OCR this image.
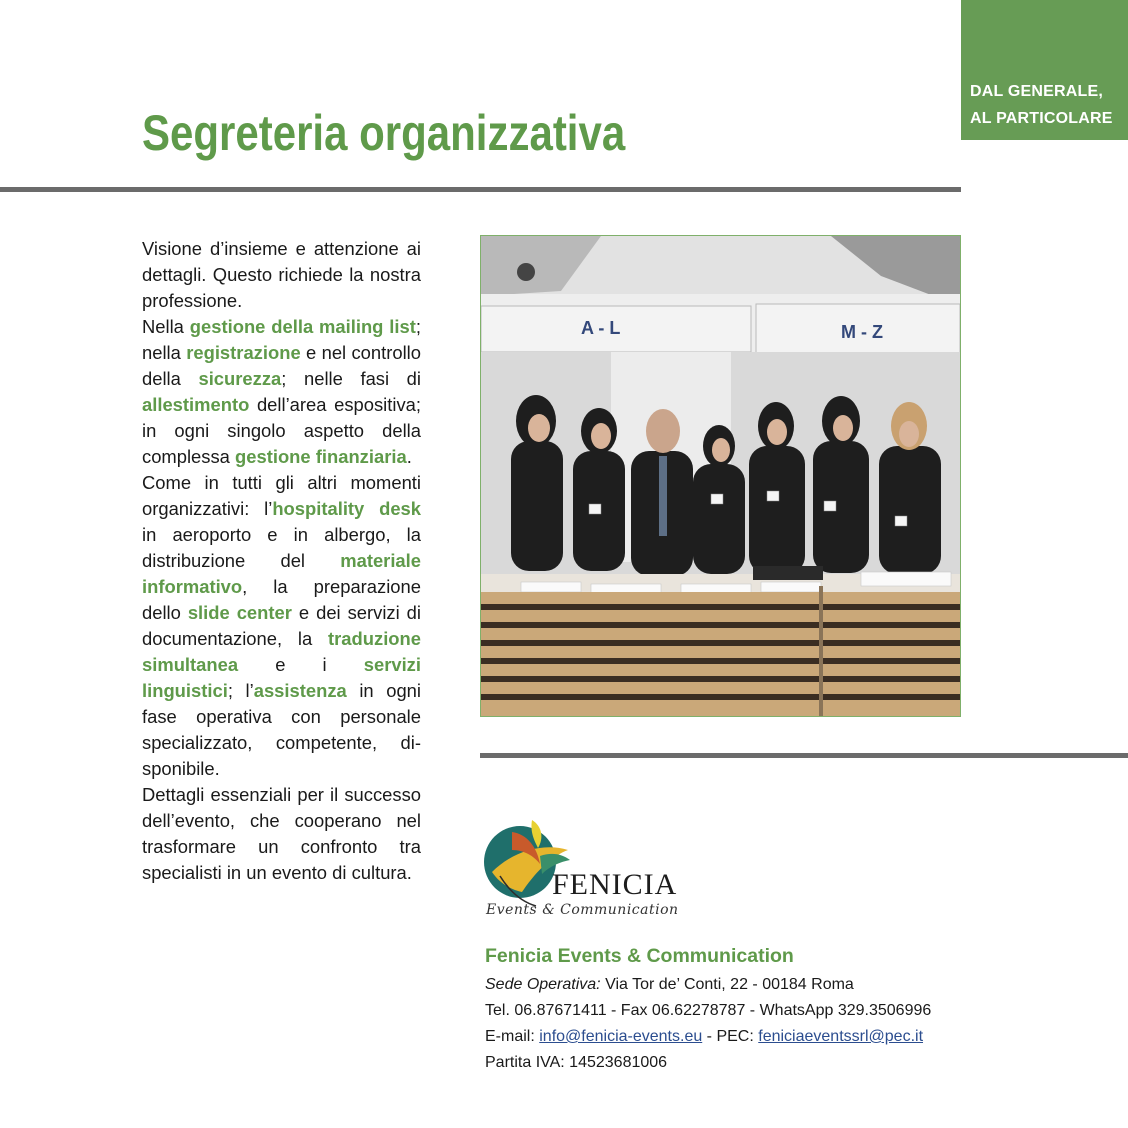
DAL GENERALE,
AL PARTICOLARE
Segreteria organizzativa

Visione d’insieme e attenzione ai dettagli. Questo richiede la nostra professione.

Nella gestione della mailing list; nella registrazione e nel controllo della sicurezza; nelle fasi di allestimento dell’area espositiva; in ogni singolo aspetto della complessa gestione finanziaria.

Come in tutti gli altri momenti organizzativi: l’hospitality desk in aeroporto e in albergo, la distribuzione del materiale informativo, la preparazione dello slide center e dei servizi di documentazione, la traduzione simultanea e i servizi linguistici; l’assistenza in ogni fase operativa con personale specializzato, competente, disponibile.

Dettagli essenziali per il successo dell’evento, che cooperano nel trasformare un confronto tra specialisti in un evento di cultura.

A - L	M - Z
FENICIA
Events & Communication
Fenicia Events & Communication
Sede Operativa: Via Tor de’ Conti, 22 - 00184 Roma
Tel. 06.87671411 - Fax 06.62278787 - WhatsApp 329.3506996
E-mail: info@fenicia-events.eu - PEC: feniciaeventssrl@pec.it
Partita IVA: 14523681006
